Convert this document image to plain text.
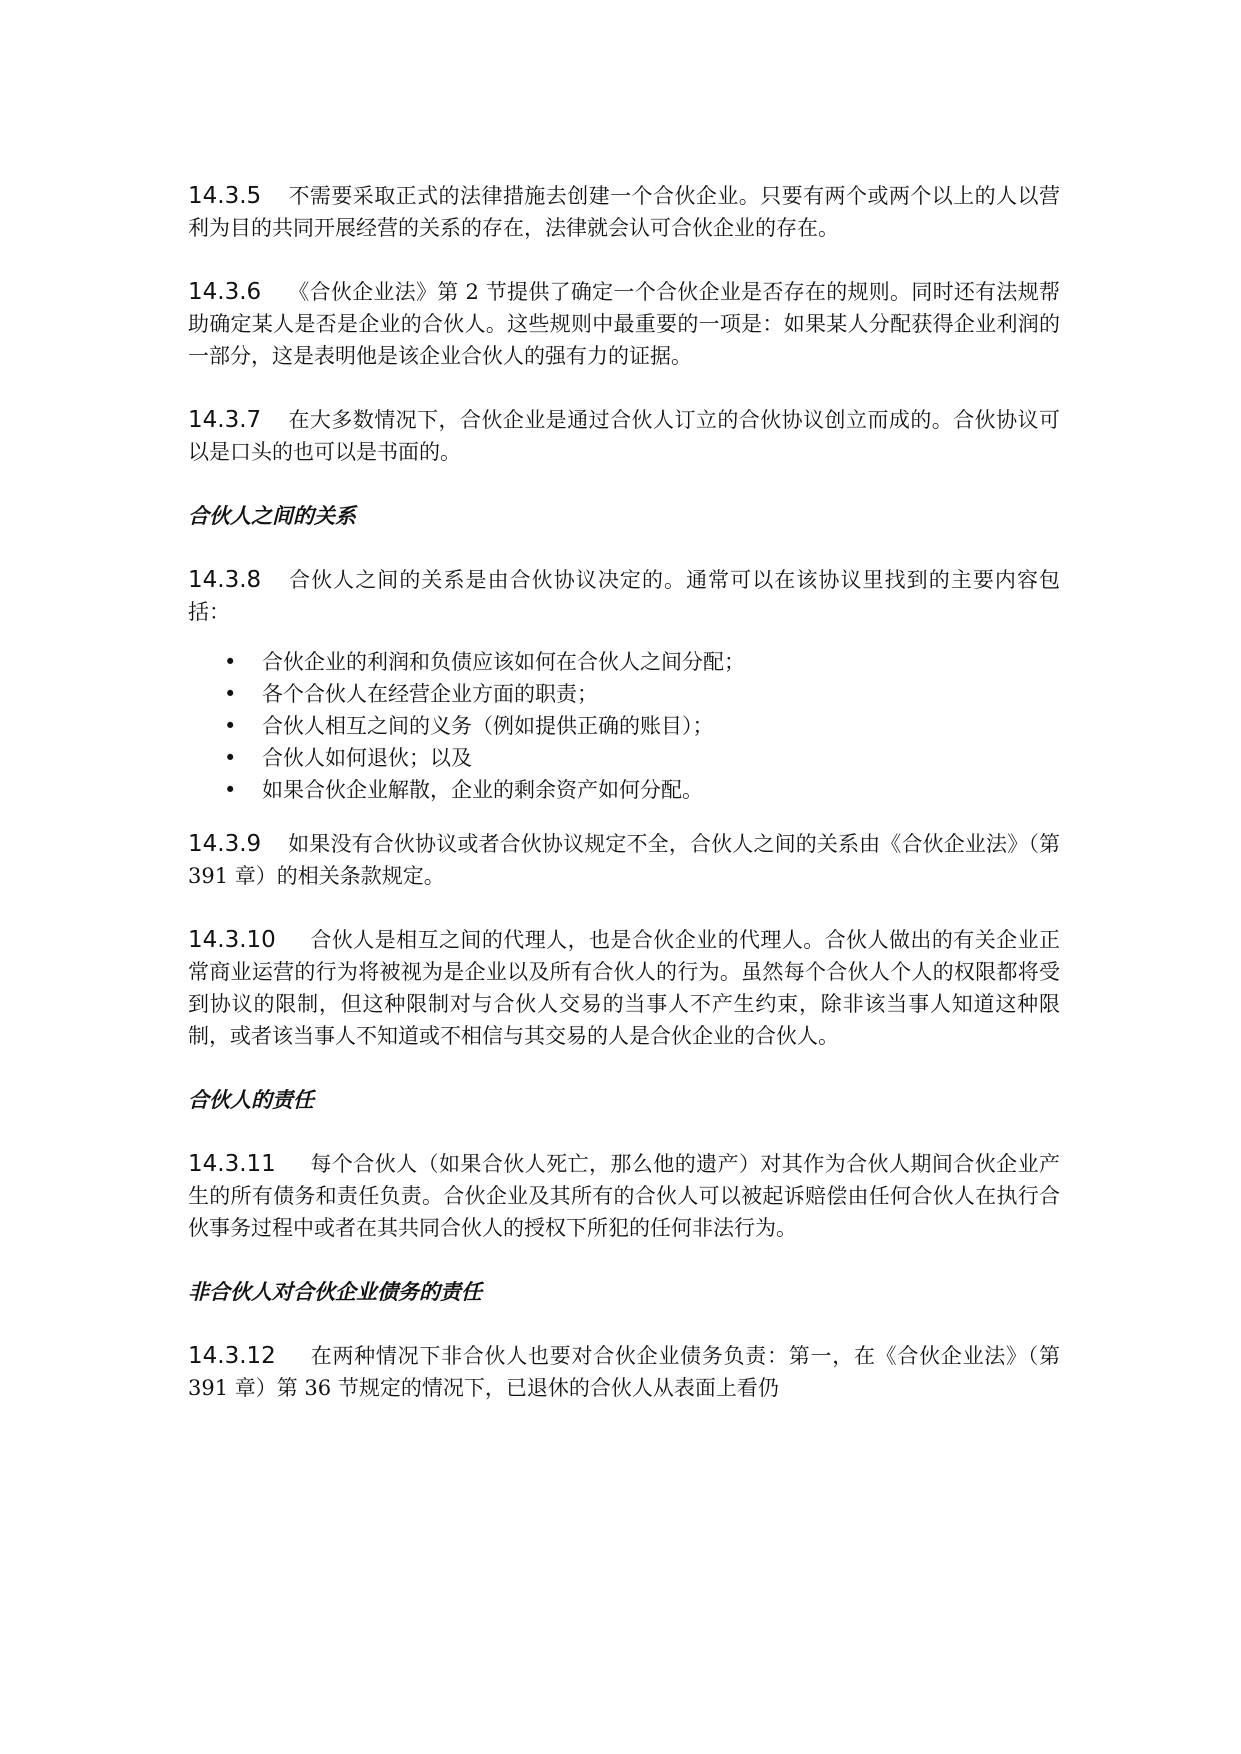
14.3.5 不需要采取正式的法律措施去创建一个合伙企业。只要有两个或两个以上的人以营利为目的共同开展经营的关系的存在，法律就会认可合伙企业的存在。

14.3.6 《合伙企业法》第 2 节提供了确定一个合伙企业是否存在的规则。同时还有法规帮助确定某人是否是企业的合伙人。这些规则中最重要的一项是：如果某人分配获得企业利润的一部分，这是表明他是该企业合伙人的强有力的证据。

14.3.7 在大多数情况下，合伙企业是通过合伙人订立的合伙协议创立而成的。合伙协议可以是口头的也可以是书面的。

合伙人之间的关系

14.3.8 合伙人之间的关系是由合伙协议决定的。通常可以在该协议里找到的主要内容包括：

• 合伙企业的利润和负债应该如何在合伙人之间分配；
• 各个合伙人在经营企业方面的职责；
• 合伙人相互之间的义务（例如提供正确的账目）；
• 合伙人如何退伙；以及
• 如果合伙企业解散，企业的剩余资产如何分配。

14.3.9 如果没有合伙协议或者合伙协议规定不全，合伙人之间的关系由《合伙企业法》（第 391 章）的相关条款规定。

14.3.10 合伙人是相互之间的代理人，也是合伙企业的代理人。合伙人做出的有关企业正常商业运营的行为将被视为是企业以及所有合伙人的行为。虽然每个合伙人个人的权限都将受到协议的限制，但这种限制对与合伙人交易的当事人不产生约束，除非该当事人知道这种限制，或者该当事人不知道或不相信与其交易的人是合伙企业的合伙人。

合伙人的责任

14.3.11 每个合伙人（如果合伙人死亡，那么他的遗产）对其作为合伙人期间合伙企业产生的所有债务和责任负责。合伙企业及其所有的合伙人可以被起诉赔偿由任何合伙人在执行合伙事务过程中或者在其共同合伙人的授权下所犯的任何非法行为。

非合伙人对合伙企业债务的责任

14.3.12 在两种情况下非合伙人也要对合伙企业债务负责：第一，在《合伙企业法》（第 391 章）第 36 节规定的情况下，已退休的合伙人从表面上看仍
